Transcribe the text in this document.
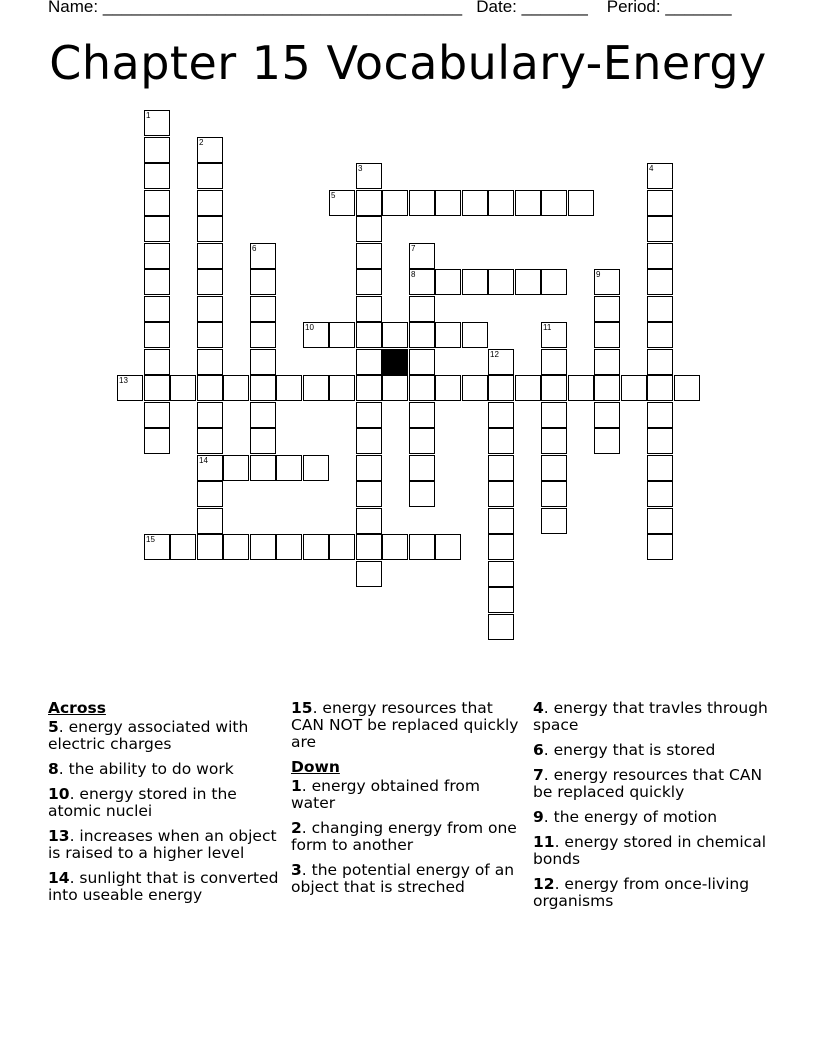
Name: ______________________________________ Date: _______ Period: _______
Chapter 15 Vocabulary-Energy
1
2
14
3	4
5
6	7
8	9
10	11
12
13
15
Across
5. energy associated with electric charges
8. the ability to do work
10. energy stored in the atomic nuclei
13. increases when an object is raised to a higher level
14. sunlight that is converted into useable energy
15. energy resources that CAN NOT be replaced quickly are
Down
1. energy obtained from water
2. changing energy from one form to another
3. the potential energy of an object that is streched
4. energy that travles through space
6. energy that is stored
7. energy resources that CAN be replaced quickly
9. the energy of motion
11. energy stored in chemical bonds
12. energy from once-living organisms
